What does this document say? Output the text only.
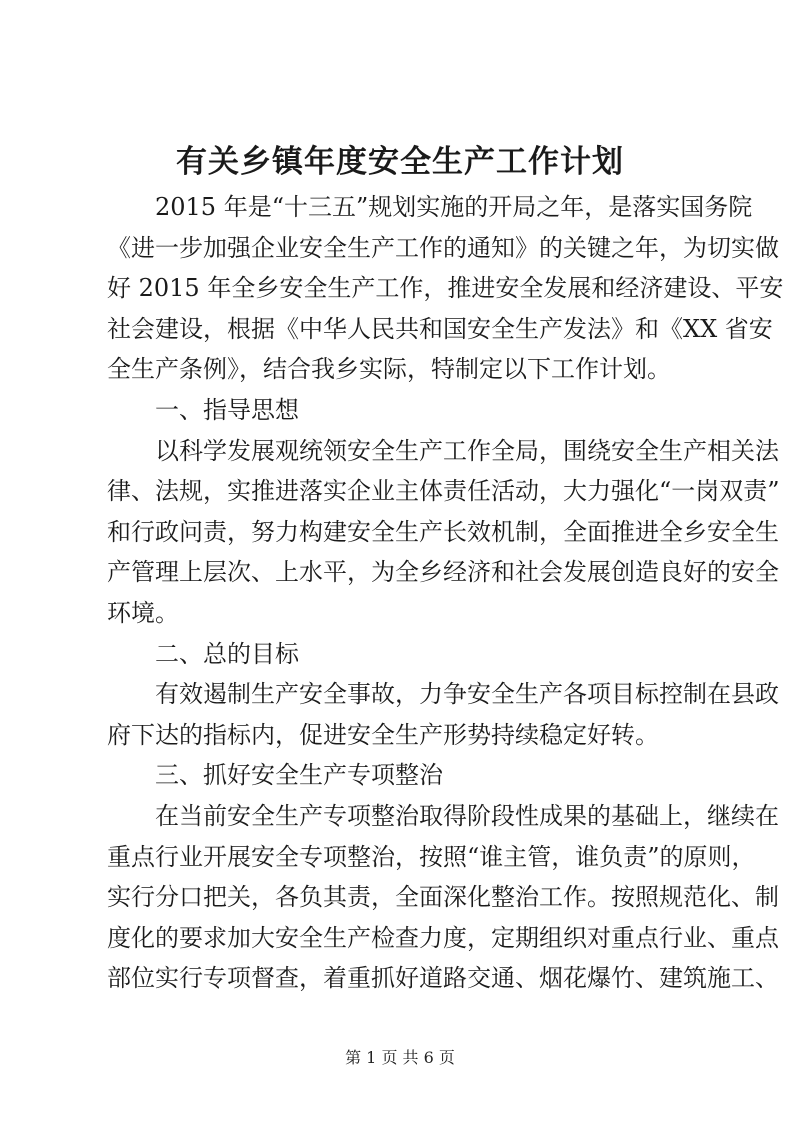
有关乡镇年度安全生产工作计划
2015 年是“十三五”规划实施的开局之年，是落实国务院
《进一步加强企业安全生产工作的通知》的关键之年，为切实做
好 2015 年全乡安全生产工作，推进安全发展和经济建设、平安
社会建设，根据《中华人民共和国安全生产发法》和《XX 省安
全生产条例》，结合我乡实际，特制定以下工作计划。
一、指导思想
以科学发展观统领安全生产工作全局，围绕安全生产相关法
律、法规，实推进落实企业主体责任活动，大力强化“一岗双责”
和行政问责，努力构建安全生产长效机制，全面推进全乡安全生
产管理上层次、上水平，为全乡经济和社会发展创造良好的安全
环境。
二、总的目标
有效遏制生产安全事故，力争安全生产各项目标控制在县政
府下达的指标内，促进安全生产形势持续稳定好转。
三、抓好安全生产专项整治
在当前安全生产专项整治取得阶段性成果的基础上，继续在
重点行业开展安全专项整治，按照“谁主管，谁负责”的原则，
实行分口把关，各负其责，全面深化整治工作。按照规范化、制
度化的要求加大安全生产检查力度，定期组织对重点行业、重点
部位实行专项督查，着重抓好道路交通、烟花爆竹、建筑施工、
第 1 页 共 6 页
